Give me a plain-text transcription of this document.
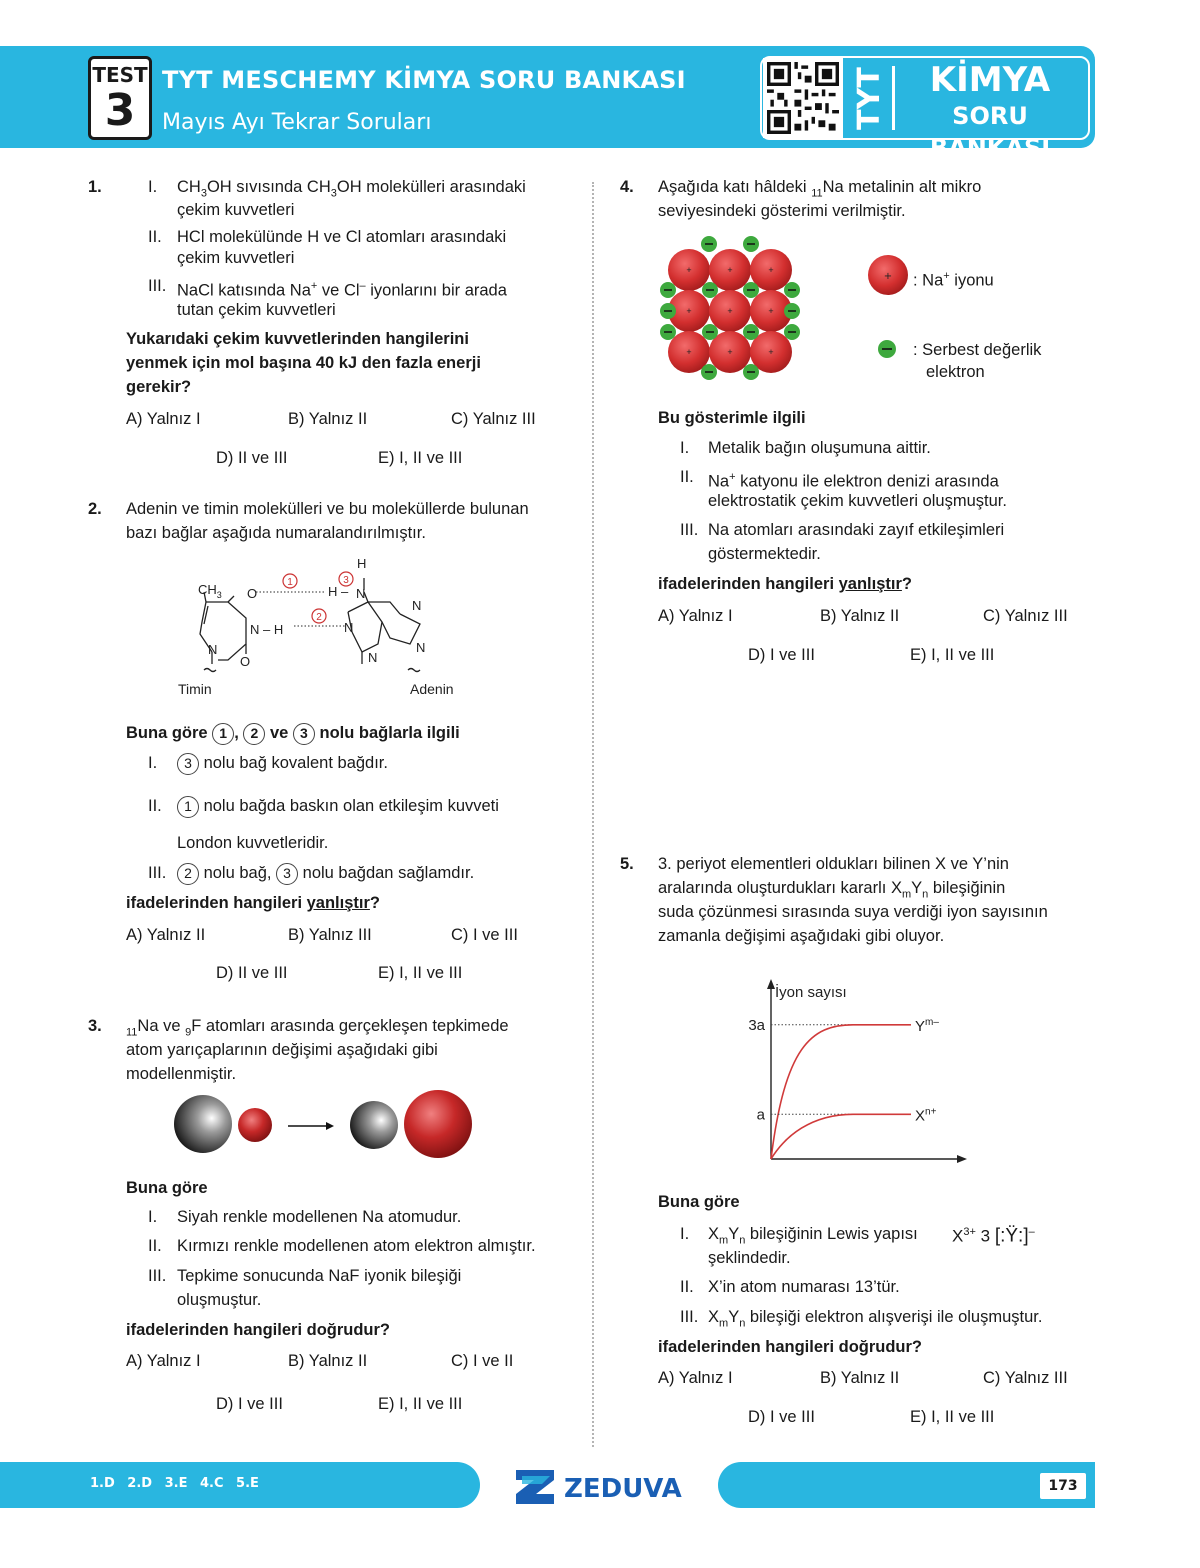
TEST
3
TYT MESCHEMY KİMYA SORU BANKASI
Mayıs Ayı Tekrar Soruları	TYT	KİMYA
SORU BANKASI
1.	I. $CH_3OH$ sıvısında $CH_3OH$ molekülleri arasındaki
çekim kuvvetleri
II. HCl molekülünde H ve Cl atomları arasındaki
çekim kuvvetleri
III. NaCl katısında Na+ ve Cl– iyonlarını bir arada
tutan çekim kuvvetleri
Yukarıdaki çekim kuvvetlerinden hangilerini
yenmek için mol başına 40 kJ den fazla enerji
gerekir?
A) Yalnız I	B) Yalnız II	C) Yalnız III
D) II ve III	E) I, II ve III
2. Adenin ve timin molekülleri ve bu moleküllerde bulunan
bazı bağlar aşağıda numaralandırılmıştır.
$CH_3$ O
N – H
N
O
H
H – N
N
N
N
N
Timin	Adenin
1
2
3
Buna göre 1 , 2 ve 3 nolu bağlarla ilgili
I.	3 nolu bağ kovalent bağdır.
II.	1 nolu bağda baskın olan etkileşim kuvveti
London kuvvetleridir.
III.	2 nolu bağ, 3 nolu bağdan sağlamdır.
ifadelerinden hangileri yanlıştır?
A) Yalnız II	B) Yalnız III	C) I ve III
D) II ve III	E) I, II ve III
3. $_{11}$Na ve $_9$F atomları arasında gerçekleşen tepkimede
atom yarıçaplarının değişimi aşağıdaki gibi
modellenmiştir.
Buna göre
I. Siyah renkle modellenen Na atomudur.
II. Kırmızı renkle modellenen atom elektron almıştır.
III. Tepkime sonucunda NaF iyonik bileşiği
oluşmuştur.
ifadelerinden hangileri doğrudur?
A) Yalnız I	B) Yalnız II	C) I ve II
D) I ve III	E) I, II ve III
4. Aşağıda katı hâldeki $_{11}$Na metalinin alt mikro
seviyesindeki gösterimi verilmiştir.
+	+	+
+	+	+
+	+	+
+ : Na+ iyonu
: Serbest değerlik
elektron
Bu gösterimle ilgili
I. Metalik bağın oluşumuna aittir.
II. Na+ katyonu ile elektron denizi arasında
elektrostatik çekim kuvvetleri oluşmuştur.
III. Na atomları arasındaki zayıf etkileşimleri
göstermektedir.
ifadelerinden hangileri yanlıştır?
A) Yalnız I	B) Yalnız II	C) Yalnız III
D) I ve III	E) I, II ve III
5. 3. periyot elementleri oldukları bilinen X ve Y’nin
aralarında oluşturdukları kararlı $X_mY_n$ bileşiğinin
suda çözünmesi sırasında suya verdiği iyon sayısının
zamanla değişimi aşağıdaki gibi oluyor.
İyon sayısı
$Y^{m-}$
$X^{n+}$
a
3a
Buna göre
I. $X_mY_n$ bileşiğinin Lewis yapısı $X^{3+}$ 3 [:Ÿ:]–
şeklindedir.
II. X’in atom numarası 13’tür.
III. $X_mY_n$ bileşiği elektron alışverişi ile oluşmuştur.
ifadelerinden hangileri doğrudur?
A) Yalnız I	B) Yalnız II	C) Yalnız III
D) I ve III	E) I, II ve III
1.D 2.D 3.E 4.C 5.E	ZEDUVA	173
